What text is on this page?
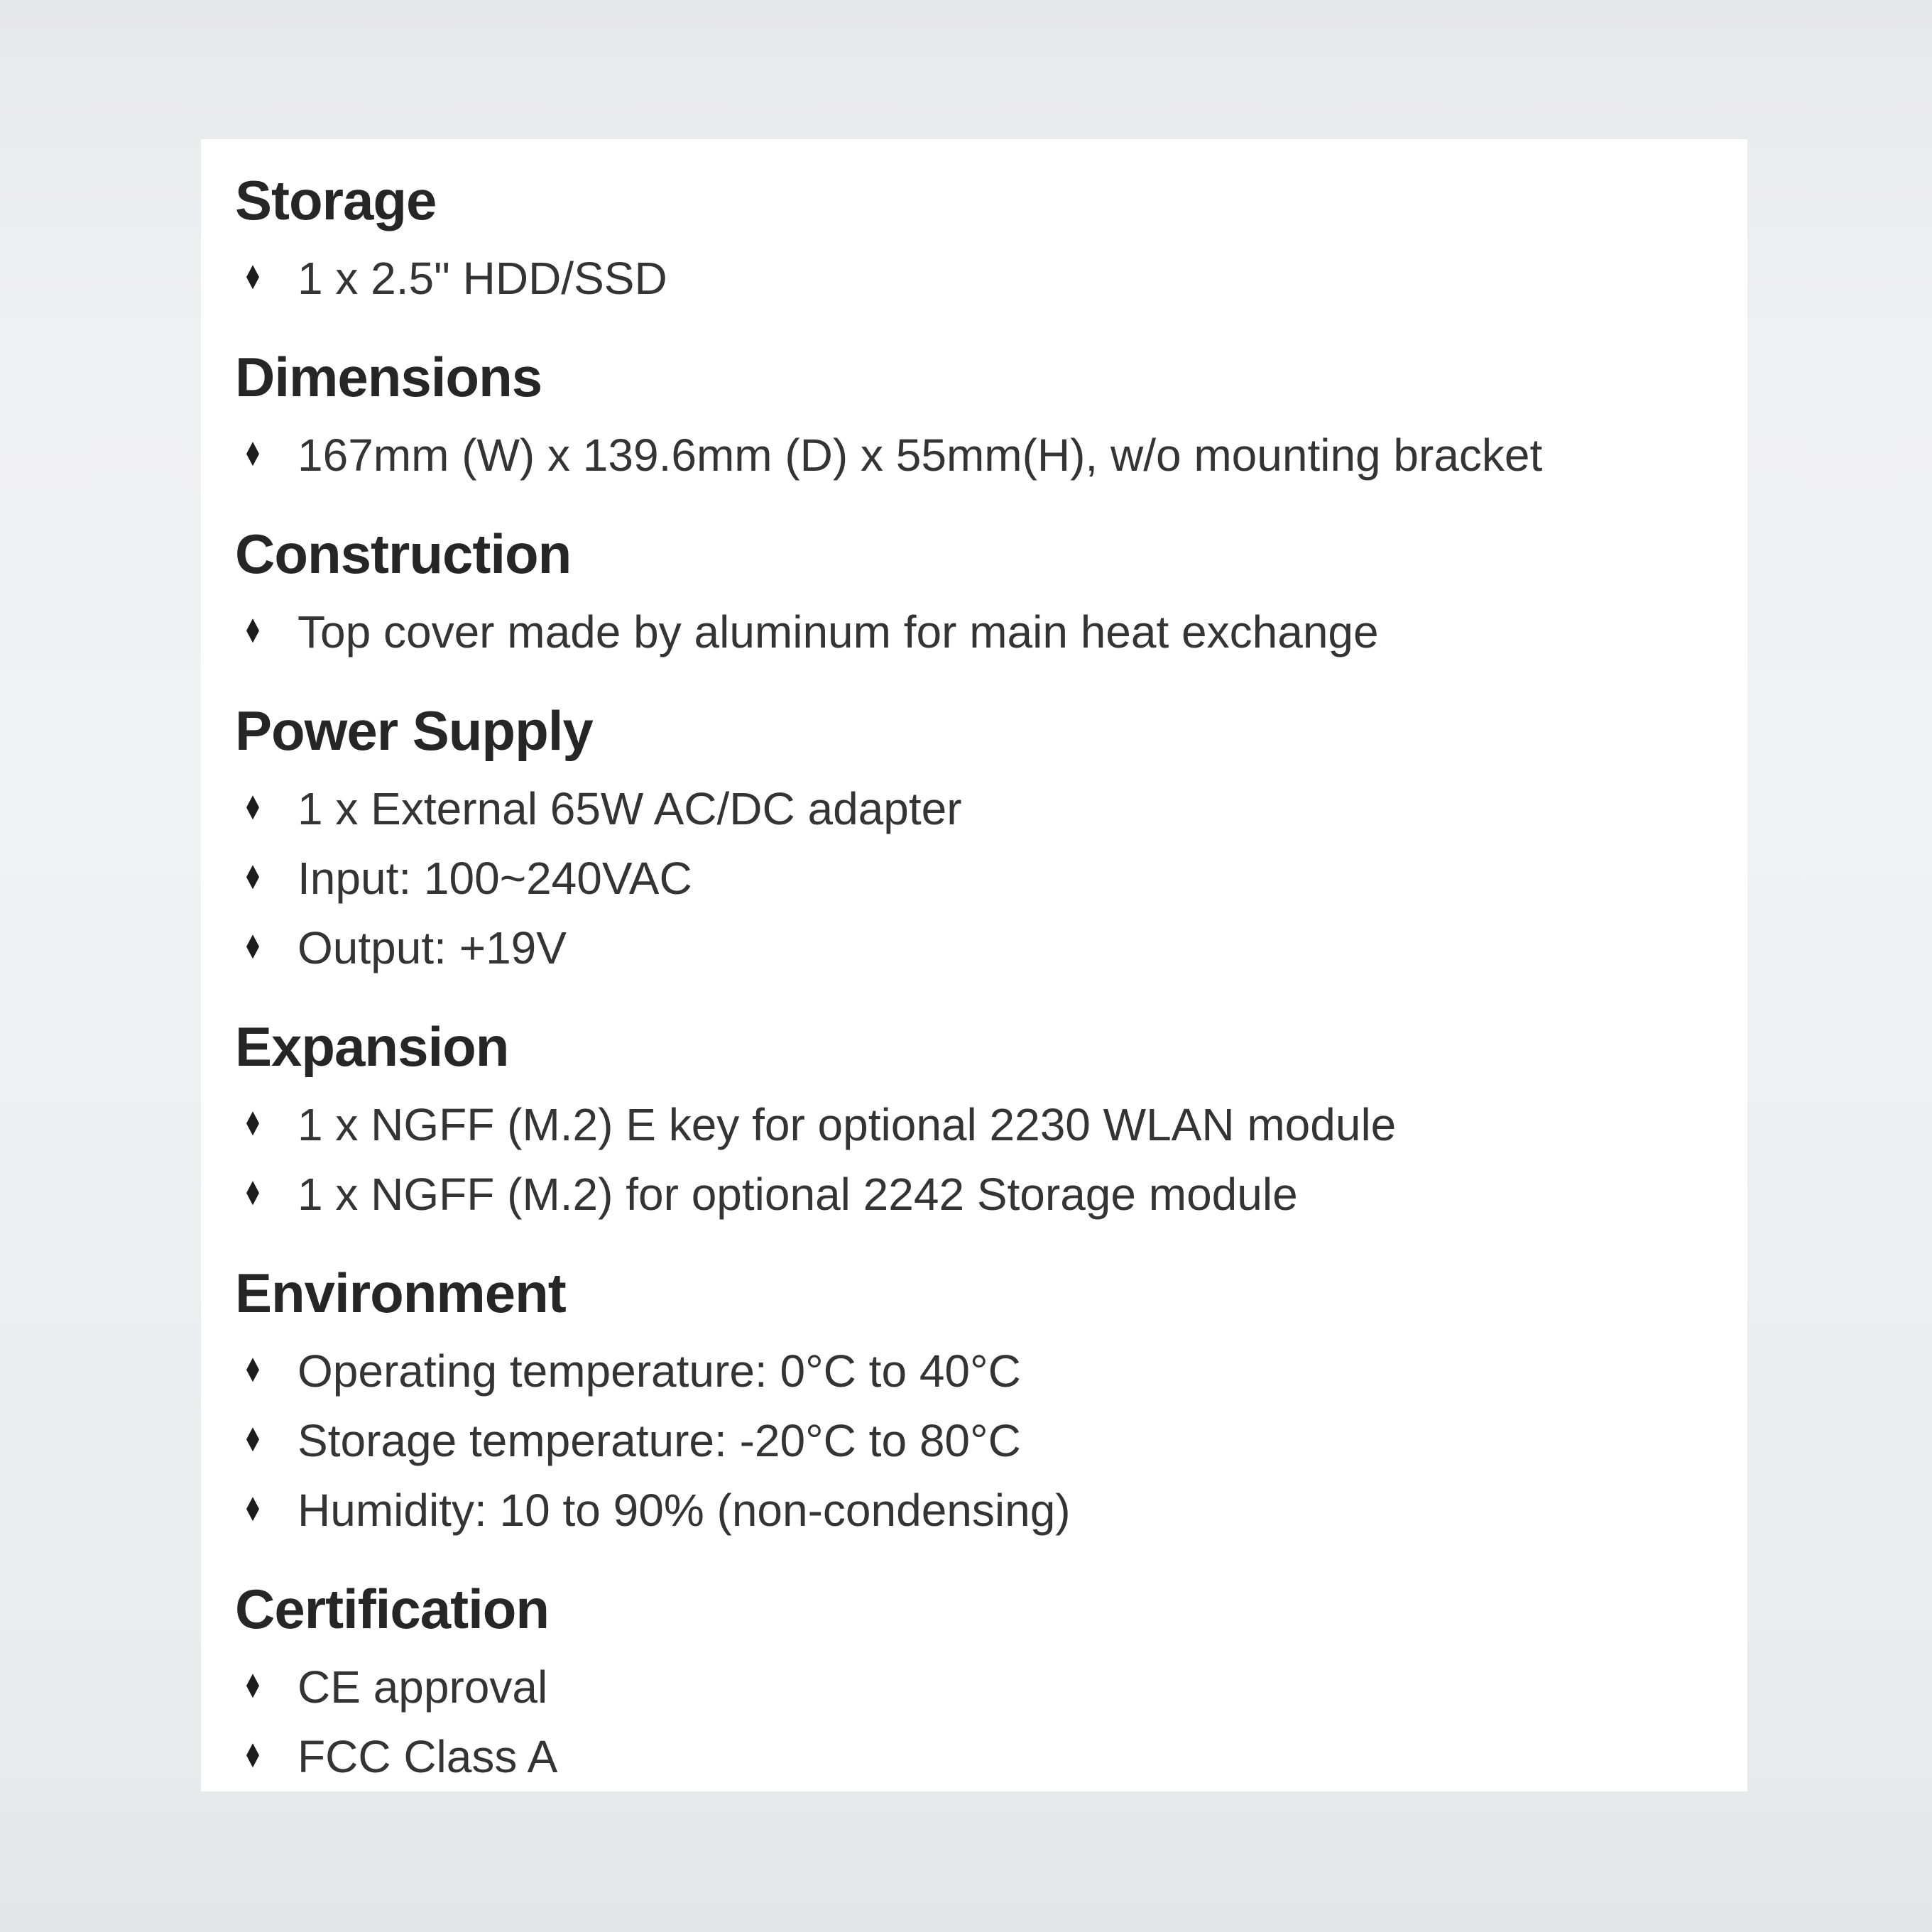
Storage
1 x 2.5" HDD/SSD
Dimensions
167mm (W) x 139.6mm (D) x 55mm(H), w/o mounting bracket
Construction
Top cover made by aluminum for main heat exchange
Power Supply
1 x External 65W AC/DC adapter
Input: 100~240VAC
Output: +19V
Expansion
1 x NGFF (M.2) E key for optional 2230 WLAN module
1 x NGFF (M.2) for optional 2242 Storage module
Environment
Operating temperature: 0°C to 40°C
Storage temperature: -20°C to 80°C
Humidity: 10 to 90% (non-condensing)
Certification
CE approval
FCC Class A
